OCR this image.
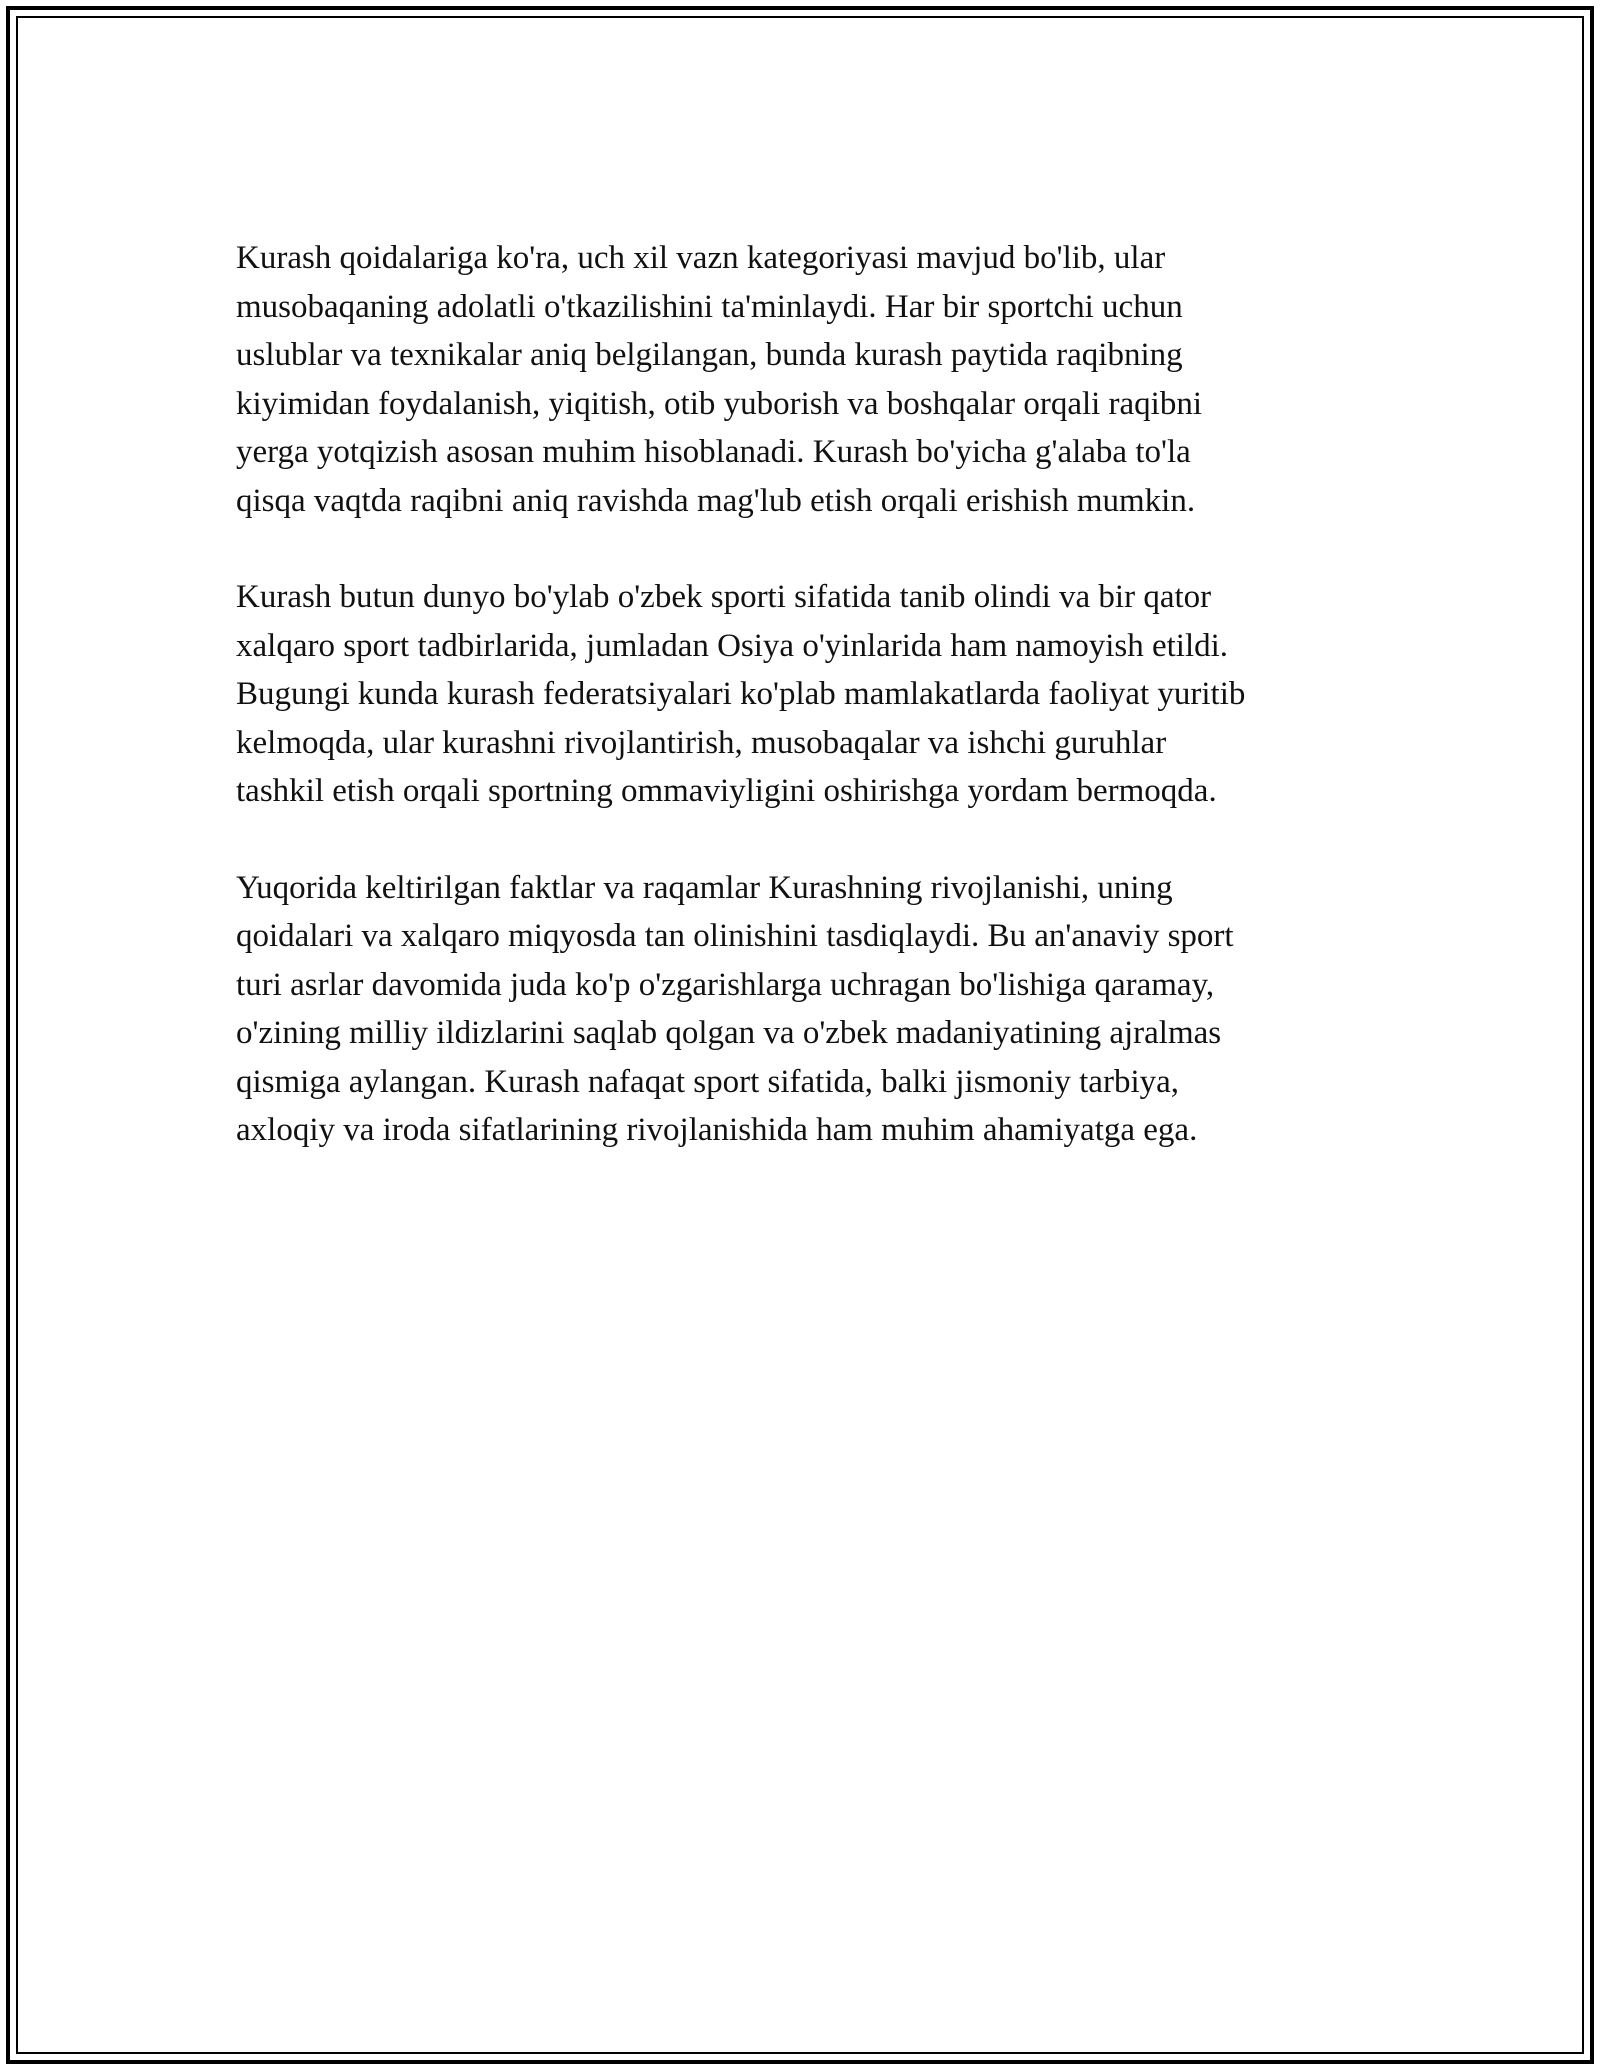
Kurash qoidalariga ko'ra, uch xil vazn kategoriyasi mavjud bo'lib, ular
musobaqaning adolatli o'tkazilishini ta'minlaydi. Har bir sportchi uchun
uslublar va texnikalar aniq belgilangan, bunda kurash paytida raqibning
kiyimidan foydalanish, yiqitish, otib yuborish va boshqalar orqali raqibni
yerga yotqizish asosan muhim hisoblanadi. Kurash bo'yicha g'alaba to'la
qisqa vaqtda raqibni aniq ravishda mag'lub etish orqali erishish mumkin.

Kurash butun dunyo bo'ylab o'zbek sporti sifatida tanib olindi va bir qator
xalqaro sport tadbirlarida, jumladan Osiya o'yinlarida ham namoyish etildi.
Bugungi kunda kurash federatsiyalari ko'plab mamlakatlarda faoliyat yuritib
kelmoqda, ular kurashni rivojlantirish, musobaqalar va ishchi guruhlar
tashkil etish orqali sportning ommaviyligini oshirishga yordam bermoqda.

Yuqorida keltirilgan faktlar va raqamlar Kurashning rivojlanishi, uning
qoidalari va xalqaro miqyosda tan olinishini tasdiqlaydi. Bu an'anaviy sport
turi asrlar davomida juda ko'p o'zgarishlarga uchragan bo'lishiga qaramay,
o'zining milliy ildizlarini saqlab qolgan va o'zbek madaniyatining ajralmas
qismiga aylangan. Kurash nafaqat sport sifatida, balki jismoniy tarbiya,
axloqiy va iroda sifatlarining rivojlanishida ham muhim ahamiyatga ega.
